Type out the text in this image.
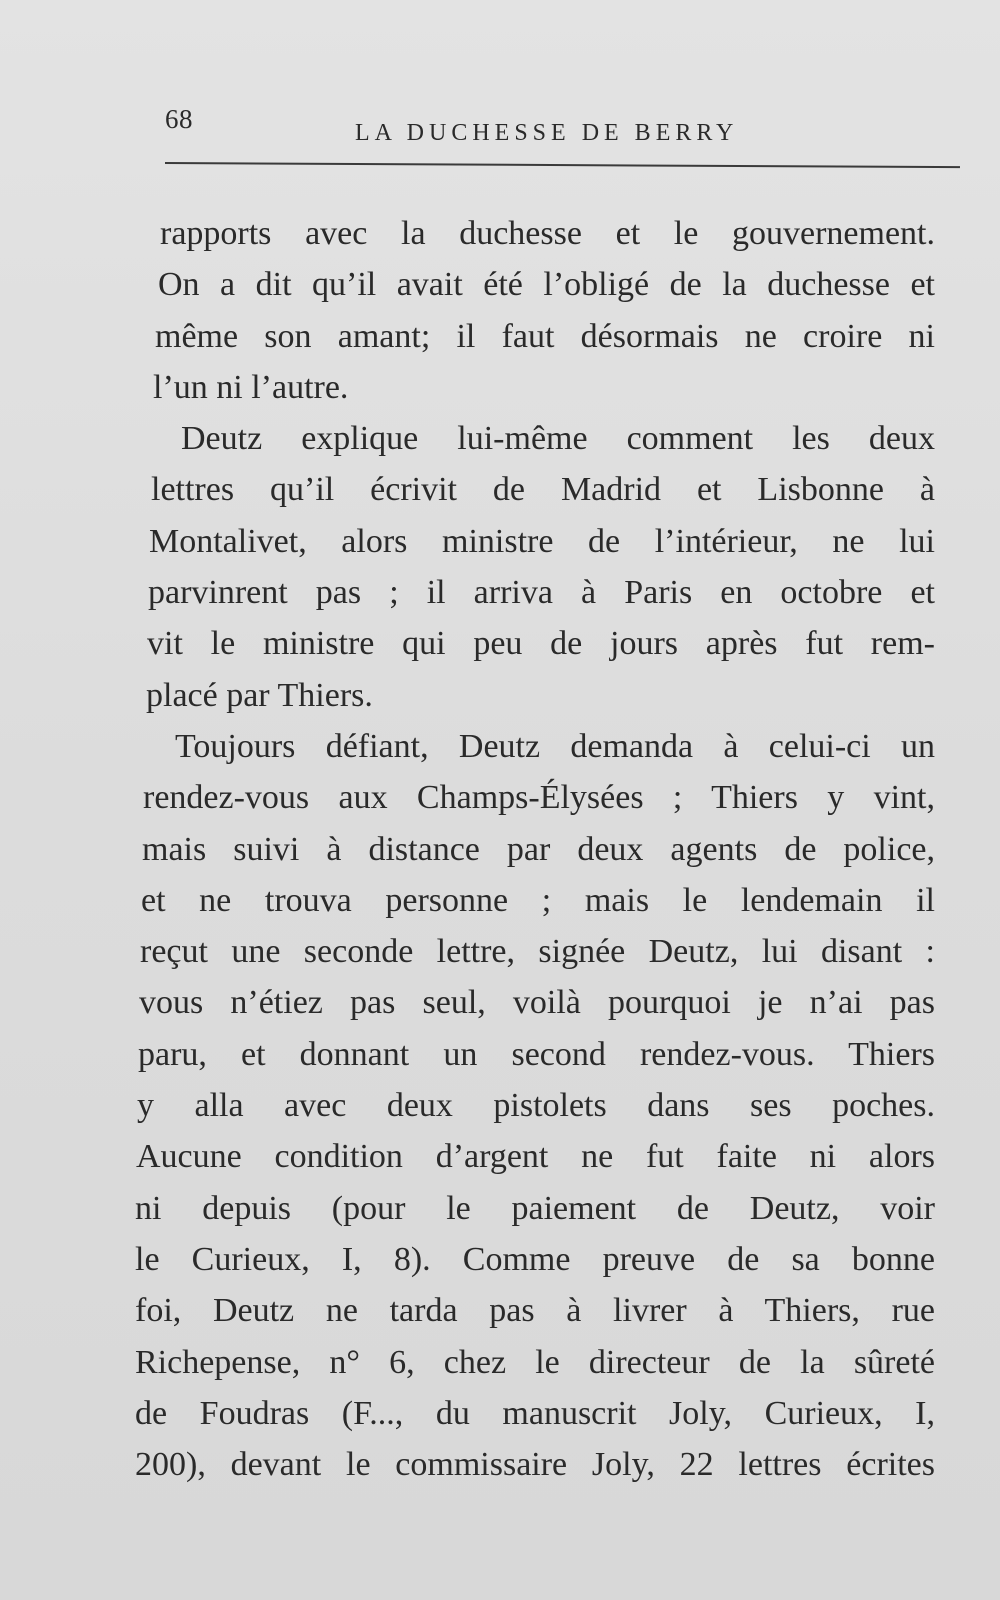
68	LA DUCHESSE DE BERRY
rapports avec la duchesse et le gouvernement.
On a dit qu’il avait été l’obligé de la duchesse et
même son amant; il faut désormais ne croire ni
l’un ni l’autre.
Deutz explique lui-même comment les deux
lettres qu’il écrivit de Madrid et Lisbonne à
Montalivet, alors ministre de l’intérieur, ne lui
parvinrent pas ; il arriva à Paris en octobre et
vit le ministre qui peu de jours après fut rem-
placé par Thiers.
Toujours défiant, Deutz demanda à celui-ci un
rendez-vous aux Champs-Élysées ; Thiers y vint,
mais suivi à distance par deux agents de police,
et ne trouva personne ; mais le lendemain il
reçut une seconde lettre, signée Deutz, lui disant :
vous n’étiez pas seul, voilà pourquoi je n’ai pas
paru, et donnant un second rendez-vous. Thiers
y alla avec deux pistolets dans ses poches.
Aucune condition d’argent ne fut faite ni alors
ni depuis (pour le paiement de Deutz, voir
le Curieux, I, 8). Comme preuve de sa bonne
foi, Deutz ne tarda pas à livrer à Thiers, rue
Richepense, n° 6, chez le directeur de la sûreté
de Foudras (F..., du manuscrit Joly, Curieux, I,
200), devant le commissaire Joly, 22 lettres écrites
